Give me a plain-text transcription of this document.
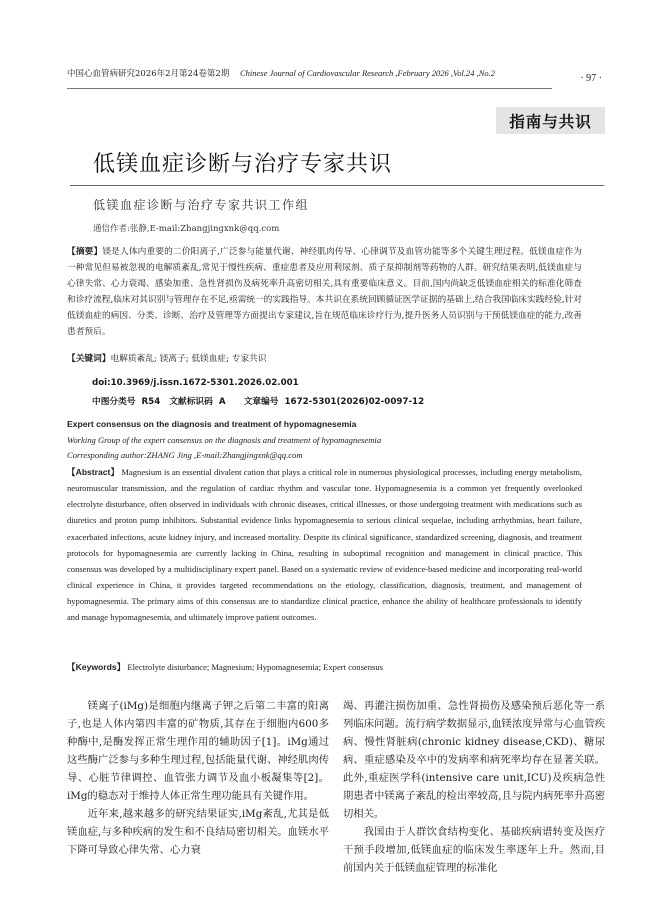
中国心血管病研究2026年2月第24卷第2期 Chinese Journal of Cardiovascular Research ,February 2026 ,Vol.24 ,No.2	· 97 ·
指南与共识
低镁血症诊断与治疗专家共识
低镁血症诊断与治疗专家共识工作组
通信作者:张静,E-mail:Zhangjingxnk@qq.com
【摘要】镁是人体内重要的二价阳离子,广泛参与能量代谢、神经肌肉传导、心律调节及血管功能等多个关键生理过程。低镁血症作为一种常见但易被忽视的电解质紊乱,常见于慢性疾病、重症患者及应用利尿剂、质子泵抑制剂等药物的人群。研究结果表明,低镁血症与心律失常、心力衰竭、感染加重、急性肾损伤及病死率升高密切相关,具有重要临床意义。目前,国内尚缺乏低镁血症相关的标准化筛查和诊疗流程,临床对其识别与管理存在不足,亟需统一的实践指导。本共识在系统回顾循证医学证据的基础上,结合我国临床实践经验,针对低镁血症的病因、分类、诊断、治疗及管理等方面提出专家建议,旨在规范临床诊疗行为,提升医务人员识别与干预低镁血症的能力,改善患者预后。
【关键词】电解质紊乱; 镁离子; 低镁血症; 专家共识
doi:10.3969/j.issn.1672-5301.2026.02.001
中图分类号  R54   文献标识码  A      文章编号  1672-5301(2026)02-0097-12
Expert consensus on the diagnosis and treatment of hypomagnesemia
Working Group of the expert consensus on the diagnosis and treatment of hypomagnesemia
Corresponding author:ZHANG Jing ,E-mail:Zhangjingxnk@qq.com
【Abstract】 Magnesium is an essential divalent cation that plays a critical role in numerous physiological processes, including energy metabolism, neuromuscular transmission, and the regulation of cardiac rhythm and vascular tone. Hypomagnesemia is a common yet frequently overlooked electrolyte disturbance, often observed in individuals with chronic diseases, critical illnesses, or those undergoing treatment with medications such as diuretics and proton pump inhibitors. Substantial evidence links hypomagnesemia to serious clinical sequelae, including arrhythmias, heart failure, exacerbated infections, acute kidney injury, and increased mortality. Despite its clinical significance, standardized screening, diagnosis, and treatment protocols for hypomagnesemia are currently lacking in China, resulting in suboptimal recognition and management in clinical practice. This consensus was developed by a multidisciplinary expert panel. Based on a systematic review of evidence-based medicine and incorporating real-world clinical experience in China, it provides targeted recommendations on the etiology, classification, diagnosis, treatment, and management of hypomagnesemia. The primary aims of this consensus are to standardize clinical practice, enhance the ability of healthcare professionals to identify and manage hypomagnesemia, and ultimately improve patient outcomes.
【Keywords】 Electrolyte disturbance; Magnesium; Hypomagnesemia; Expert consensus

镁离子(iMg)是细胞内继离子钾之后第二丰富的阳离子,也是人体内第四丰富的矿物质,其存在于细胞内600多种酶中,是酶发挥正常生理作用的辅助因子[1]。iMg通过这些酶广泛参与多种生理过程,包括能量代谢、神经肌肉传导、心脏节律调控、血管张力调节及血小板凝集等[2]。iMg的稳态对于维持人体正常生理功能具有关键作用。

近年来,越来越多的研究结果证实,iMg紊乱,尤其是低镁血症,与多种疾病的发生和不良结局密切相关。血镁水平下降可导致心律失常、心力衰

竭、再灌注损伤加重、急性肾损伤及感染预后恶化等一系列临床问题。流行病学数据显示,血镁浓度异常与心血管疾病、慢性肾脏病(chronic kidney disease,CKD)、糖尿病、重症感染及卒中的发病率和病死率均存在显著关联。此外,重症医学科(intensive care unit,ICU)及疾病急性期患者中镁离子紊乱的检出率较高,且与院内病死率升高密切相关。

我国由于人群饮食结构变化、基础疾病谱转变及医疗干预手段增加,低镁血症的临床发生率逐年上升。然而,目前国内关于低镁血症管理的标准化
